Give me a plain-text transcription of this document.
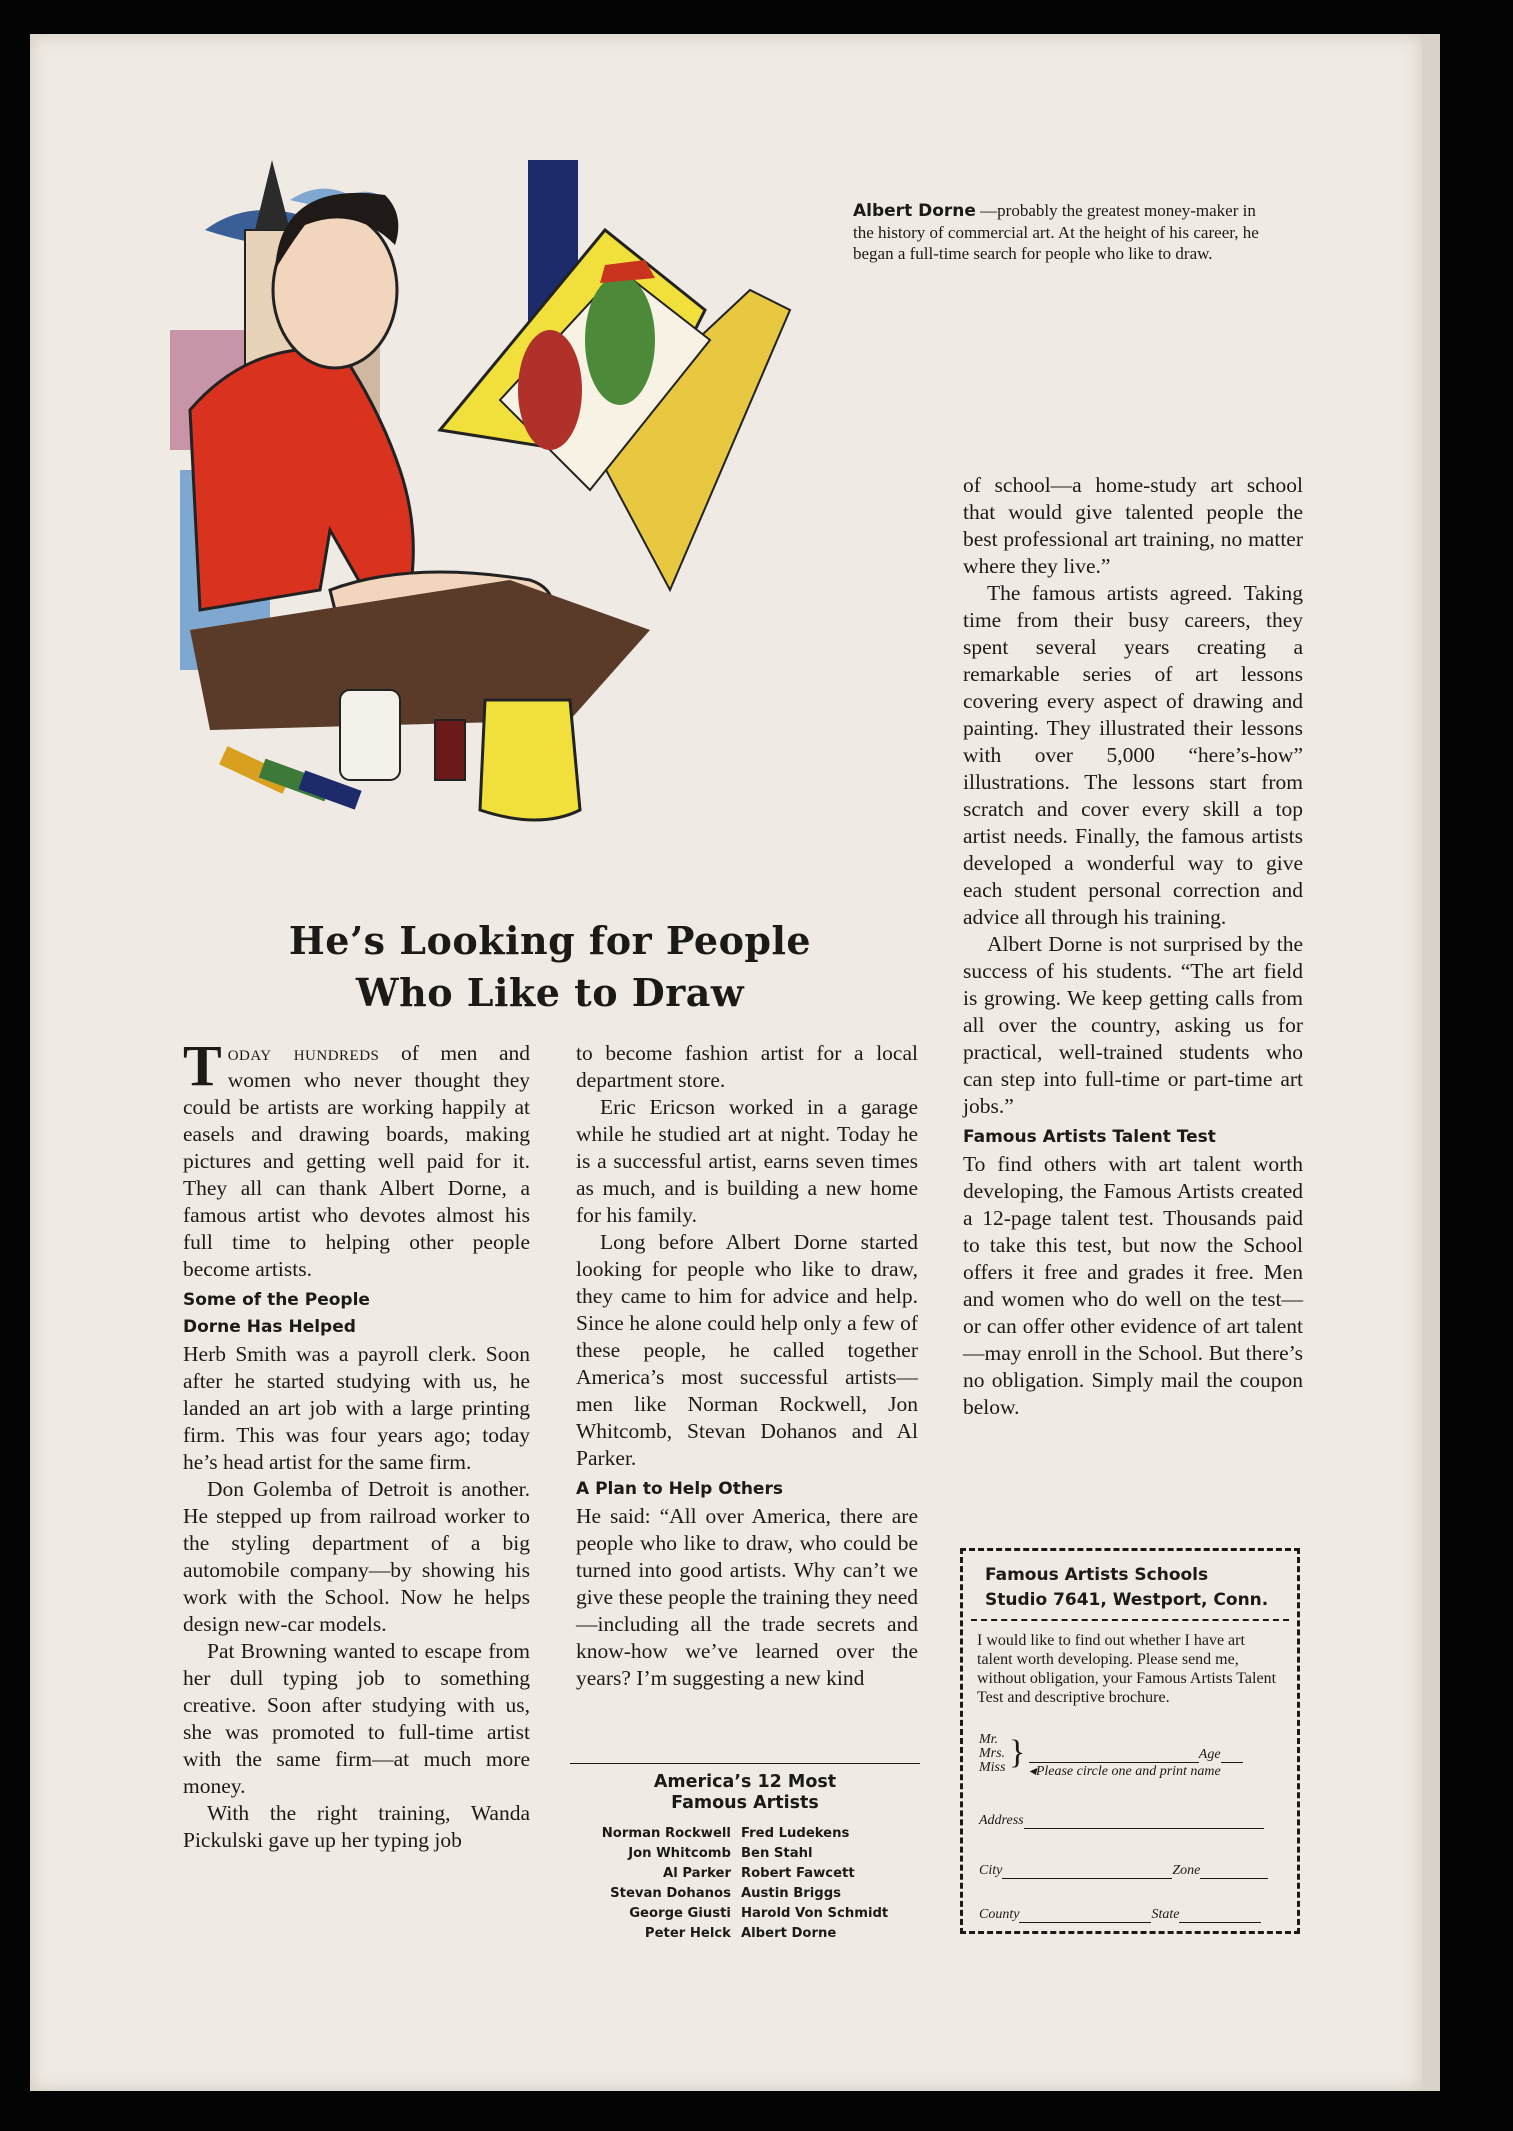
Albert Dorne —probably the greatest money-maker in the history of commercial art. At the height of his career, he began a full-time search for people who like to draw.
He’s Looking for People
Who Like to Draw

Today hundreds of men and women who never thought they could be artists are working happily at easels and drawing boards, making pictures and getting well paid for it. They all can thank Albert Dorne, a famous artist who devotes almost his full time to helping other people become artists.

Some of the People

Dorne Has Helped

Herb Smith was a payroll clerk. Soon after he started studying with us, he landed an art job with a large printing firm. This was four years ago; today he’s head artist for the same firm.

Don Golemba of Detroit is another. He stepped up from railroad worker to the styling department of a big automobile company—by showing his work with the School. Now he helps design new-car models.

Pat Browning wanted to escape from her dull typing job to something creative. Soon after studying with us, she was promoted to full-time artist with the same firm—at much more money.

With the right training, Wanda Pickulski gave up her typing job

to become fashion artist for a local department store.

Eric Ericson worked in a garage while he studied art at night. Today he is a successful artist, earns seven times as much, and is building a new home for his family.

Long before Albert Dorne started looking for people who like to draw, they came to him for advice and help. Since he alone could help only a few of these people, he called together America’s most successful artists—men like Norman Rockwell, Jon Whitcomb, Stevan Dohanos and Al Parker.

A Plan to Help Others

He said: “All over America, there are people who like to draw, who could be turned into good artists. Why can’t we give these people the training they need—including all the trade secrets and know-how we’ve learned over the years? I’m suggesting a new kind

America’s 12 Most
Famous Artists
Norman Rockwell	Fred Ludekens
Jon Whitcomb	Ben Stahl
Al Parker	Robert Fawcett
Stevan Dohanos	Austin Briggs
George Giusti	Harold Von Schmidt
Peter Helck	Albert Dorne

of school—a home-study art school that would give talented people the best professional art training, no matter where they live.”

The famous artists agreed. Taking time from their busy careers, they spent several years creating a remarkable series of art lessons covering every aspect of drawing and painting. They illustrated their lessons with over 5,000 “here’s-how” illustrations. The lessons start from scratch and cover every skill a top artist needs. Finally, the famous artists developed a wonderful way to give each student personal correction and advice all through his training.

Albert Dorne is not surprised by the success of his students. “The art field is growing. We keep getting calls from all over the country, asking us for practical, well-trained students who can step into full-time or part-time art jobs.”

Famous Artists Talent Test

To find others with art talent worth developing, the Famous Artists created a 12-page talent test. Thousands paid to take this test, but now the School offers it free and grades it free. Men and women who do well on the test—or can offer other evidence of art talent—may enroll in the School. But there’s no obligation. Simply mail the coupon below.

Famous Artists Schools
Studio 7641, Westport, Conn.
I would like to find out whether I have art talent worth developing. Please send me, without obligation, your Famous Artists Talent Test and descriptive brochure.
Mr.
Mrs.
Miss }	Age
◂Please circle one and print name
Address
City	Zone
County	State
